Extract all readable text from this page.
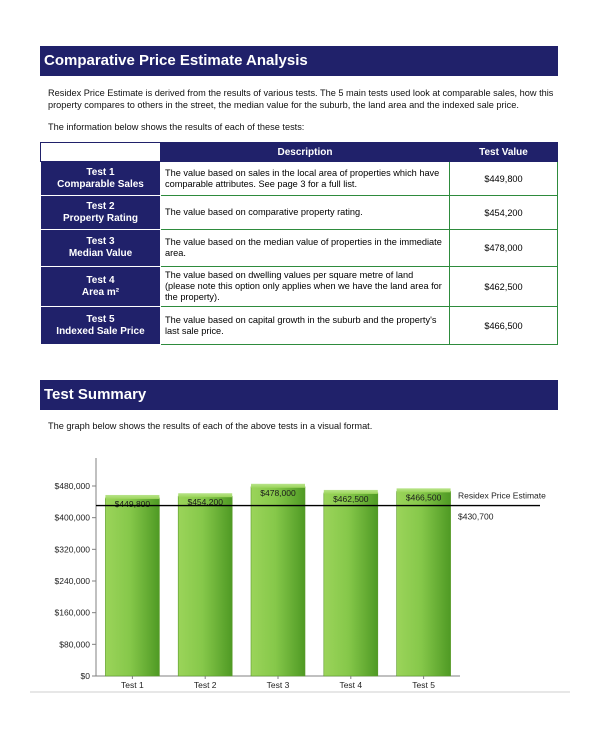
Comparative Price Estimate Analysis
Residex Price Estimate is derived from the results of various tests. The 5 main tests used look at comparable sales, how this property compares to others in the street, the median value for the suburb, the land area and the indexed sale price.
The information below shows the results of each of these tests:
	Description	Test Value

Test 1
Comparable Sales	The value based on sales in the local area of properties which have comparable attributes. See page 3 for a full list.	$449,800

Test 2
Property Rating	The value based on comparative property rating.	$454,200

Test 3
Median Value	The value based on the median value of properties in the immediate area.	$478,000

Test 4
Area m²	The value based on dwelling values per square metre of land (please note this option only applies when we have the land area for the property).	$462,500

Test 5
Indexed Sale Price	The value based on capital growth in the suburb and the property's last sale price.	$466,500
Test Summary
The graph below shows the results of each of the above tests in a visual format.
$0
$80,000
$160,000
$240,000
$320,000
$400,000
$480,000
$449,800
Test 1
$454,200
Test 2
$478,000
Test 3
$462,500
Test 4
$466,500
Test 5
Residex Price Estimate
$430,700
